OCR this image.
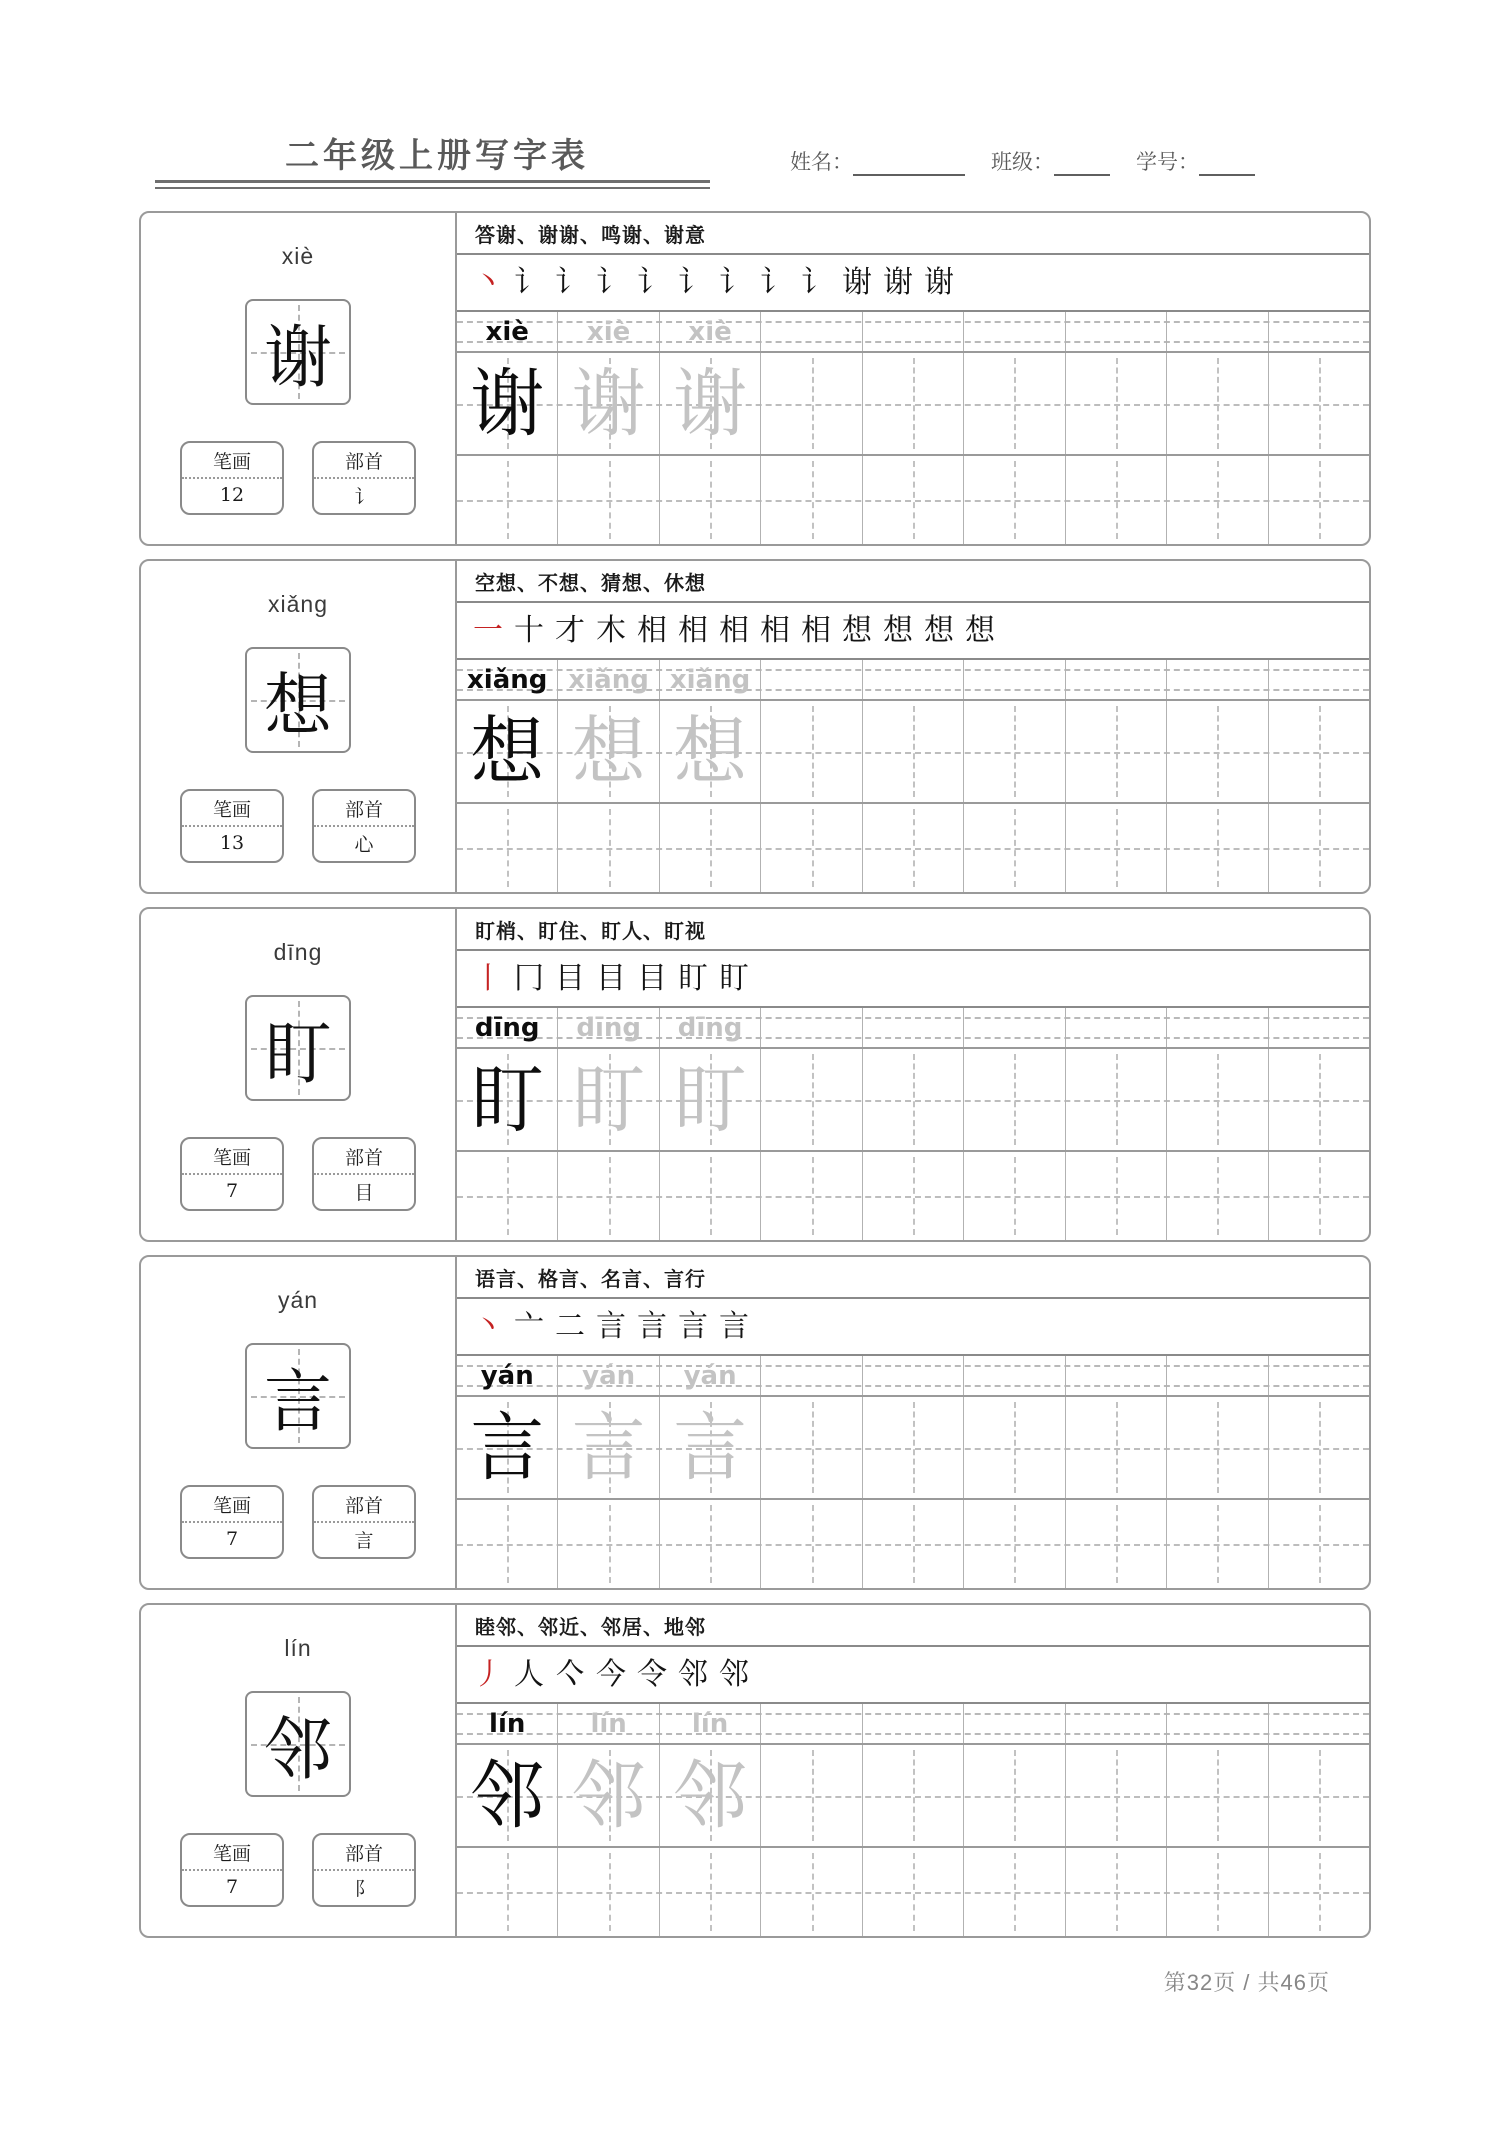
二年级上册写字表	姓名：	班级：	学号：
xiè
谢
笔画
12
部首
讠
答谢、谢谢、鸣谢、谢意
丶 讠 讠 讠 讠 讠 讠 讠 讠 谢 谢 谢
xiè xiè xiè
谢 谢 谢
xiǎng
想
笔画
13
部首
心
空想、不想、猜想、休想
一 十 才 木 相 相 相 相 相 想 想 想 想
xiǎng xiǎng xiǎng
想 想 想
dīng
盯
笔画
7
部首
目
盯梢、盯住、盯人、盯视
丨 冂 目 目 目 盯 盯
dīng dīng dīng
盯 盯 盯
yán
言
笔画
7
部首
言
语言、格言、名言、言行
丶 亠 二 言 言 言 言
yán yán yán
言 言 言
lín
邻
笔画
7
部首
阝
睦邻、邻近、邻居、地邻
丿 人 亽 今 令 邻 邻
lín	lín	lín
邻 邻 邻
第32页 / 共46页
